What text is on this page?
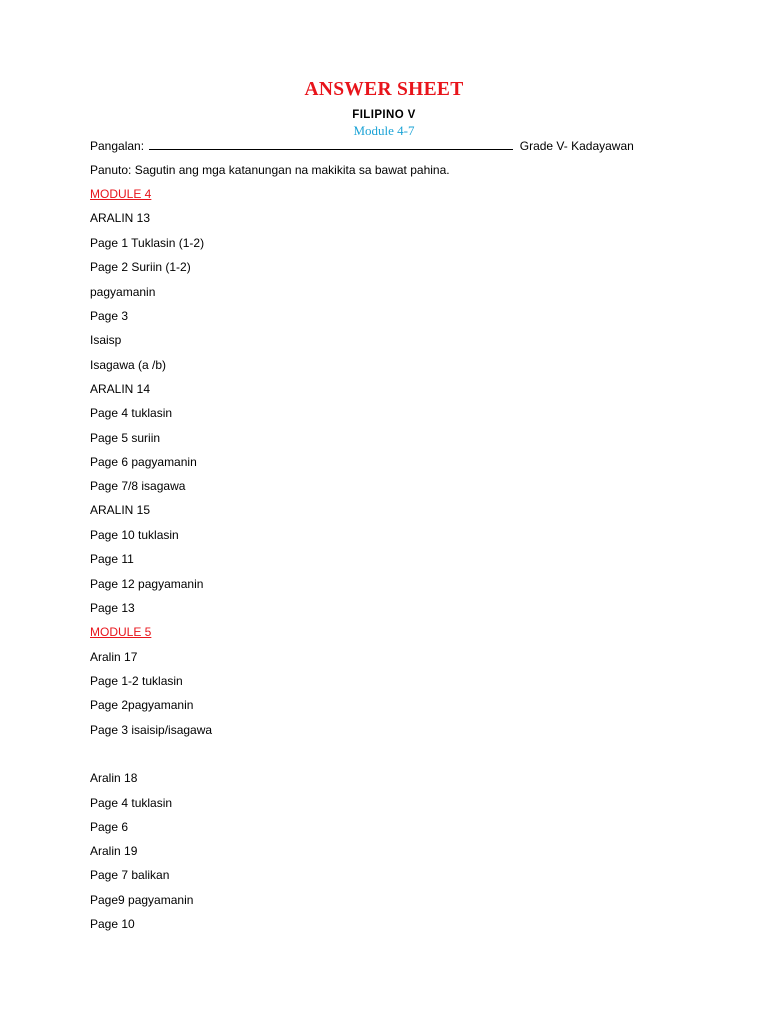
ANSWER SHEET
FILIPINO V
Module 4-7
Pangalan:	Grade V- Kadayawan
Panuto: Sagutin ang mga katanungan na makikita sa bawat pahina.
MODULE 4
ARALIN 13
Page 1 Tuklasin (1-2)
Page 2 Suriin (1-2)
pagyamanin
Page 3
Isaisp
Isagawa (a /b)
ARALIN 14
Page 4 tuklasin
Page 5 suriin
Page 6 pagyamanin
Page 7/8 isagawa
ARALIN 15
Page 10 tuklasin
Page 11
Page 12 pagyamanin
Page 13
MODULE 5
Aralin 17
Page 1-2 tuklasin
Page 2pagyamanin
Page 3 isaisip/isagawa
Aralin 18
Page 4 tuklasin
Page 6
Aralin 19
Page 7 balikan
Page9 pagyamanin
Page 10
